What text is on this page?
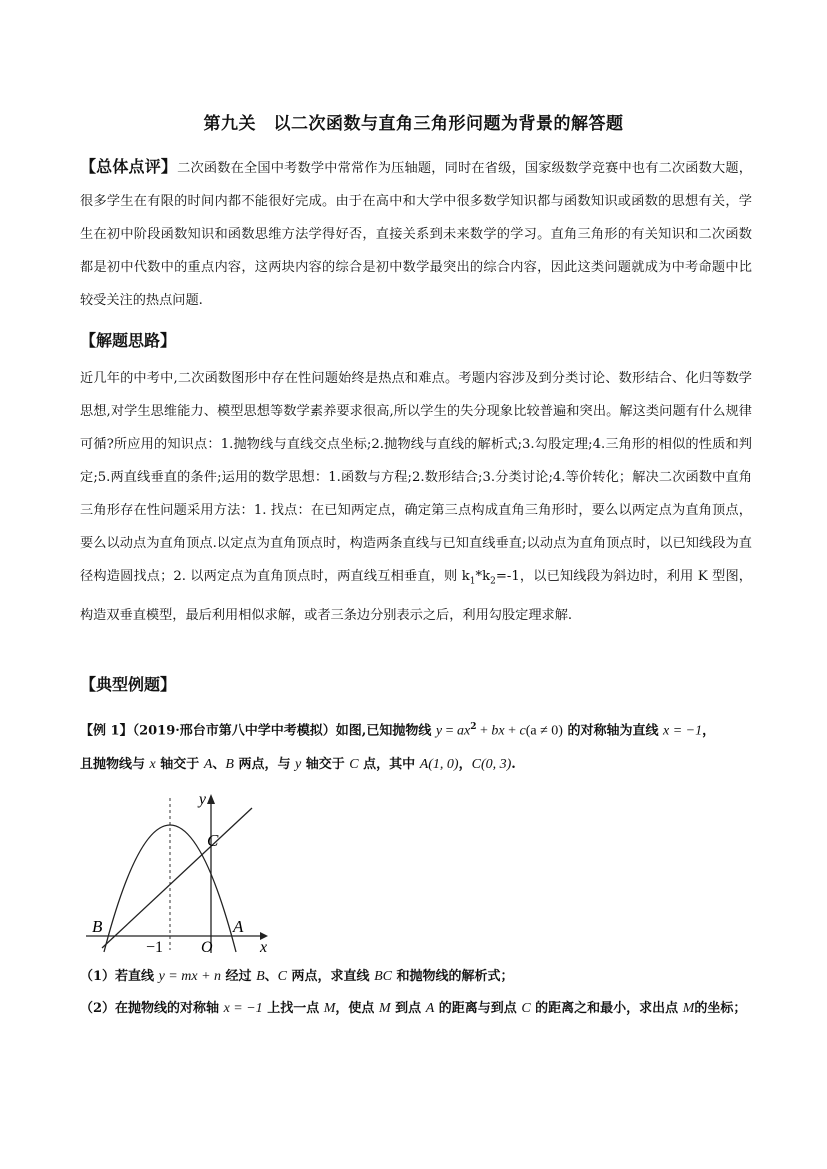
第九关　以二次函数与直角三角形问题为背景的解答题
【总体点评】二次函数在全国中考数学中常常作为压轴题，同时在省级，国家级数学竞赛中也有二次函数大题，很多学生在有限的时间内都不能很好完成。由于在高中和大学中很多数学知识都与函数知识或函数的思想有关，学生在初中阶段函数知识和函数思维方法学得好否，直接关系到未来数学的学习。直角三角形的有关知识和二次函数都是初中代数中的重点内容，这两块内容的综合是初中数学最突出的综合内容，因此这类问题就成为中考命题中比较受关注的热点问题.
【解题思路】
近几年的中考中,二次函数图形中存在性问题始终是热点和难点。考题内容涉及到分类讨论、数形结合、化归等数学思想,对学生思维能力、模型思想等数学素养要求很高,所以学生的失分现象比较普遍和突出。解这类问题有什么规律可循?所应用的知识点：1.抛物线与直线交点坐标;2.抛物线与直线的解析式;3.勾股定理;4.三角形的相似的性质和判定;5.两直线垂直的条件;运用的数学思想：1.函数与方程;2.数形结合;3.分类讨论;4.等价转化；解决二次函数中直角三角形存在性问题采用方法：1. 找点：在已知两定点，确定第三点构成直角三角形时，要么以两定点为直角顶点，要么以动点为直角顶点.以定点为直角顶点时，构造两条直线与已知直线垂直;以动点为直角顶点时，以已知线段为直径构造圆找点；2. 以两定点为直角顶点时，两直线互相垂直，则 $k_1*k_2=-1$，以已知线段为斜边时，利用 K 型图，构造双垂直模型，最后利用相似求解，或者三条边分别表示之后，利用勾股定理求解.
【典型例题】
【例 1】（2019·邢台市第八中学中考模拟）如图,已知抛物线 $y = ax^2$ + bx + c(a ≠ 0) 的对称轴为直线 x = −1，
且抛物线与 x 轴交于 A、B 两点，与 y 轴交于 C 点，其中 A(1, 0)，C(0, 3).
y
x
C
B	A
O
−1
（1）若直线 y = mx + n 经过 B、C 两点，求直线 BC 和抛物线的解析式；
（2）在抛物线的对称轴 x = −1 上找一点 M，使点 M 到点 A 的距离与到点 C 的距离之和最小，求出点 M的坐标；
